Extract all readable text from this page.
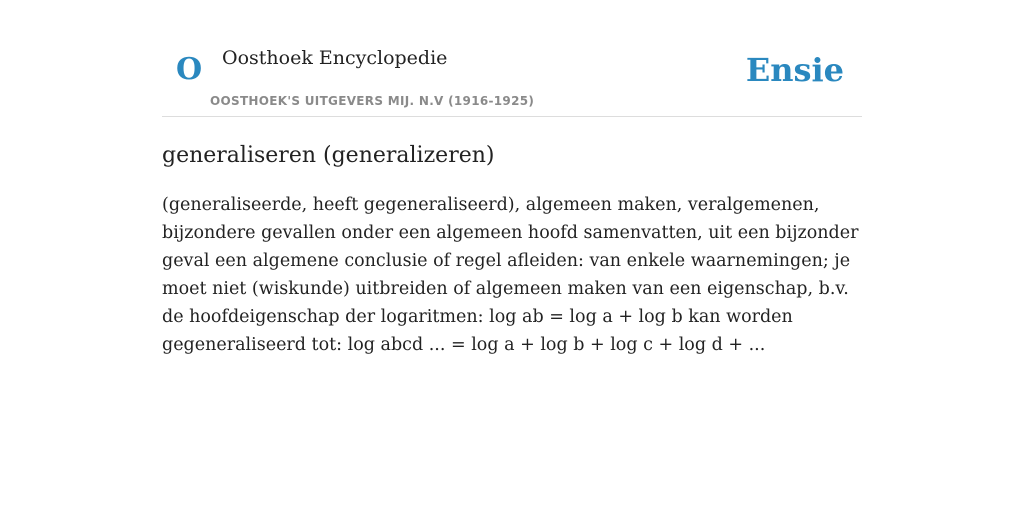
O Oosthoek Encyclopedie
OOSTHOEK'S UITGEVERS MIJ. N.V (1916-1925)
Ensie
generaliseren (generalizeren)

(generaliseerde, heeft gegeneraliseerd), algemeen maken, veralgemenen, bijzondere gevallen onder een algemeen hoofd samenvatten, uit een bijzonder geval een algemene conclusie of regel afleiden: van enkele waarnemingen; je moet niet (wiskunde) uitbreiden of algemeen maken van een eigenschap, b.v. de hoofdeigenschap der logaritmen: log ab = log a + log b kan worden gegeneraliseerd tot: log abcd ... = log a + log b + log c + log d + ...
